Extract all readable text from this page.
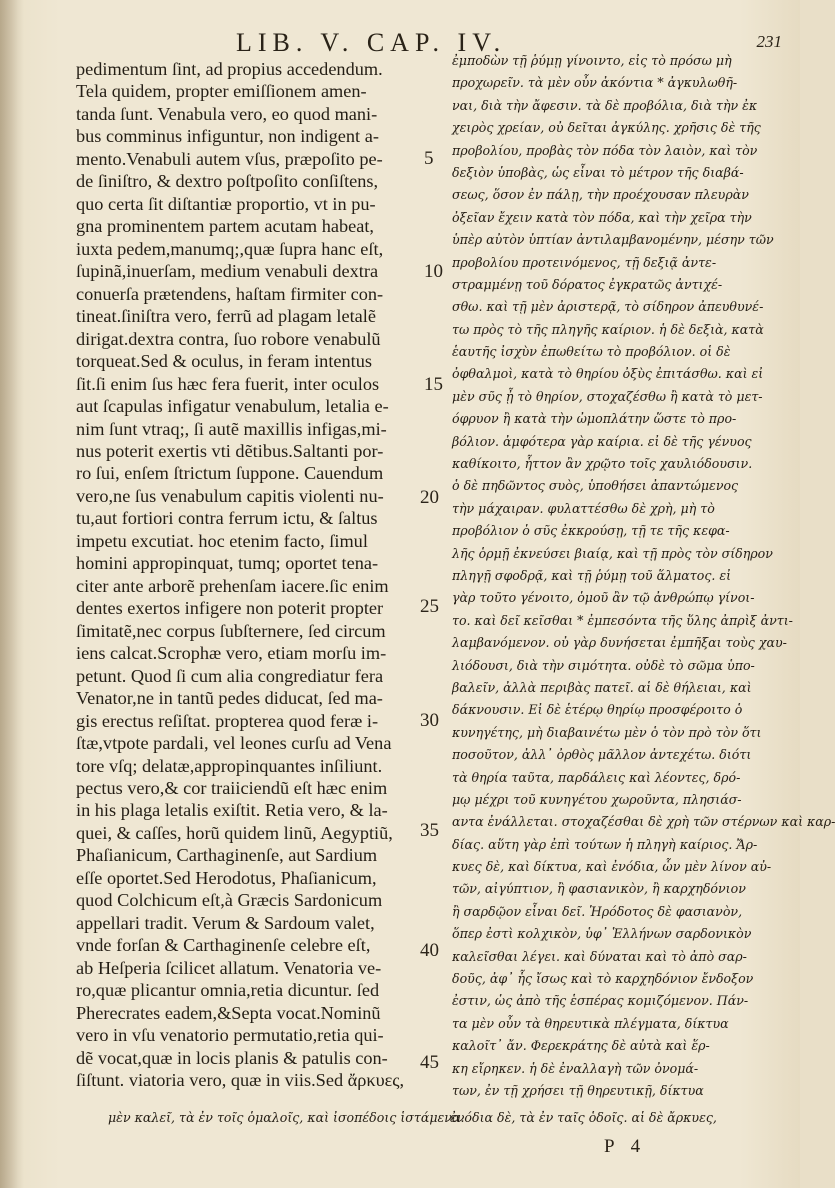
LIB. V. CAP. IV.	231
pedimentum ſint, ad propius accedendum.
Tela quidem, propter emiſſionem amen-
tanda ſunt. Venabula vero, eo quod mani-
bus comminus infiguntur, non indigent a-
mento.Venabuli autem vſus, præpoſito pe-
de ſiniſtro, & dextro poſtpoſito conſiſtens,
quo certa ſit diſtantiæ proportio, vt in pu-
gna prominentem partem acutam habeat,
iuxta pedem,manumq;,quæ ſupra hanc eſt,
ſupinã,inuerſam, medium venabuli dextra
conuerſa prætendens, haſtam firmiter con-
tineat.ſiniſtra vero, ferrũ ad plagam letalẽ
dirigat.dextra contra, ſuo robore venabulũ
torqueat.Sed & oculus, in feram intentus
ſit.ſi enim ſus hæc fera fuerit, inter oculos
aut ſcapulas infigatur venabulum, letalia e-
nim ſunt vtraq;, ſi autẽ maxillis infigas,mi-
nus poterit exertis vti dẽtibus.Saltanti por-
ro ſui, enſem ſtrictum ſuppone. Cauendum
vero,ne ſus venabulum capitis violenti nu-
tu,aut fortiori contra ferrum ictu, & ſaltus
impetu excutiat. hoc etenim facto, ſimul
homini appropinquat, tumq; oportet tena-
citer ante arborẽ prehenſam iacere.ſic enim
dentes exertos infigere non poterit propter
ſimitatẽ,nec corpus ſubſternere, ſed circum
iens calcat.Scrophæ vero, etiam morſu im-
petunt. Quod ſi cum alia congrediatur fera
Venator,ne in tantũ pedes diducat, ſed ma-
gis erectus reſiſtat. propterea quod feræ i-
ſtæ,vtpote pardali, vel leones curſu ad Vena
tore vſq; delatæ,appropinquantes inſiliunt.
pectus vero,& cor traiiciendũ eſt hæc enim
in his plaga letalis exiſtit. Retia vero, & la-
quei, & caſſes, horũ quidem linũ, Aegyptiũ,
Phaſianicum, Carthaginenſe, aut Sardium
eſſe oportet.Sed Herodotus, Phaſianicum,
quod Colchicum eſt,à Græcis Sardonicum
appellari tradit. Verum & Sardoum valet,
vnde forſan & Carthaginenſe celebre eſt,
ab Heſperia ſcilicet allatum. Venatoria ve-
ro,quæ plicantur omnia,retia dicuntur. ſed
Pherecrates eadem,&Septa vocat.Nominũ
vero in vſu venatorio permutatio,retia qui-
dẽ vocat,quæ in locis planis & patulis con-
ſiſtunt. viatoria vero, quæ in viis.Sed ἄρκυες,
ἐμποδὼν τῇ ῥύμῃ γίνοιντο, εἰς τὸ πρόσω μὴ
προχωρεῖν. τὰ μὲν οὖν ἀκόντια * ἀγκυλωθῆ-
ναι, διὰ τὴν ἄφεσιν. τὰ δὲ προβόλια, διὰ τὴν ἐκ
χειρὸς χρείαν, οὐ δεῖται ἀγκύλης. χρῆσις δὲ τῆς
προβολίου, προβὰς τὸν πόδα τὸν λαιὸν, καὶ τὸν
δεξιὸν ὑποβὰς, ὡς εἶναι τὸ μέτρον τῆς διαβά-
σεως, ὅσον ἐν πάλῃ, τὴν προέχουσαν πλευρὰν
ὀξεῖαν ἔχειν κατὰ τὸν πόδα, καὶ τὴν χεῖρα τὴν
ὑπὲρ αὐτὸν ὑπτίαν ἀντιλαμβανομένην, μέσην τῶν
προβολίου προτεινόμενος, τῇ δεξιᾷ ἀντε-
στραμμένῃ τοῦ δόρατος ἐγκρατῶς ἀντιχέ-
σθω. καὶ τῇ μὲν ἀριστερᾷ, τὸ σίδηρον ἀπευθυνέ-
τω πρὸς τὸ τῆς πληγῆς καίριον. ἡ δὲ δεξιὰ, κατὰ
ἑαυτῆς ἰσχὺν ἐπωθείτω τὸ προβόλιον. οἱ δὲ
ὀφθαλμοὶ, κατὰ τὸ θηρίου ὀξὺς ἐπιτάσθω. καὶ εἰ
μὲν σῦς ᾖ τὸ θηρίον, στοχαζέσθω ἢ κατὰ τὸ μετ-
όφρυον ἢ κατὰ τὴν ὠμοπλάτην ὥστε τὸ προ-
βόλιον. ἀμφότερα γὰρ καίρια. εἰ δὲ τῆς γένυος
καθίκοιτο, ἧττον ἂν χρῷτο τοῖς χαυλιόδουσιν.
ὁ δὲ πηδῶντος συὸς, ὑποθήσει ἀπαντώμενος
τὴν μάχαιραν. φυλαττέσθω δὲ χρὴ, μὴ τὸ
προβόλιον ὁ σῦς ἐκκρούσῃ, τῇ τε τῆς κεφα-
λῆς ὁρμῇ ἐκνεύσει βιαίᾳ, καὶ τῇ πρὸς τὸν σίδηρον
πληγῇ σφοδρᾷ, καὶ τῇ ῥύμῃ τοῦ ἅλματος. εἰ
γὰρ τοῦτο γένοιτο, ὁμοῦ ἂν τῷ ἀνθρώπῳ γίνοι-
το. καὶ δεῖ κεῖσθαι * ἐμπεσόντα τῆς ὕλης ἀπρὶξ ἀντι-
λαμβανόμενον. οὐ γὰρ δυνήσεται ἐμπῆξαι τοὺς χαυ-
λιόδουσι, διὰ τὴν σιμότητα. οὐδὲ τὸ σῶμα ὑπο-
βαλεῖν, ἀλλὰ περιβὰς πατεῖ. αἱ δὲ θήλειαι, καὶ
δάκνουσιν. Εἰ δὲ ἑτέρῳ θηρίῳ προσφέροιτο ὁ
κυνηγέτης, μὴ διαβαινέτω μὲν ὁ τὸν πρὸ τὸν ὅτι
ποσοῦτον, ἀλλ᾽ ὀρθὸς μᾶλλον ἀντεχέτω. διότι
τὰ θηρία ταῦτα, παρδάλεις καὶ λέοντες, δρό-
μῳ μέχρι τοῦ κυνηγέτου χωροῦντα, πλησιάσ-
αντα ἐνάλλεται. στοχαζέσθαι δὲ χρὴ τῶν στέρνων καὶ καρ-
δίας. αὕτη γὰρ ἐπὶ τούτων ἡ πληγὴ καίριος. Ἄρ-
κυες δὲ, καὶ δίκτυα, καὶ ἐνόδια, ὧν μὲν λίνον αὐ-
τῶν, αἰγύπτιον, ἢ φασιανικὸν, ἢ καρχηδόνιον
ἢ σαρδῷον εἶναι δεῖ. Ἡρόδοτος δὲ φασιανὸν,
ὅπερ ἐστὶ κολχικὸν, ὑφ᾽ Ἑλλήνων σαρδονικὸν
καλεῖσθαι λέγει. καὶ δύναται καὶ τὸ ἀπὸ σαρ-
δοῦς, ἀφ᾽ ἧς ἴσως καὶ τὸ καρχηδόνιον ἔνδοξον
ἐστιν, ὡς ἀπὸ τῆς ἑσπέρας κομιζόμενον. Πάν-
τα μὲν οὖν τὰ θηρευτικὰ πλέγματα, δίκτυα
καλοῖτ᾽ ἄν. Φερεκράτης δὲ αὐτὰ καὶ ἕρ-
κη εἴρηκεν. ἡ δὲ ἐναλλαγὴ τῶν ὀνομά-
των, ἐν τῇ χρήσει τῇ θηρευτικῇ, δίκτυα
5
10
15
20
25
30
35
40
45
μὲν καλεῖ, τὰ ἐν τοῖς ὁμαλοῖς, καὶ ἰσοπέδοις ἱστάμενα.ἐνόδια δὲ, τὰ ἐν ταῖς ὁδοῖς. αἱ δὲ ἄρκυες,
P 4
